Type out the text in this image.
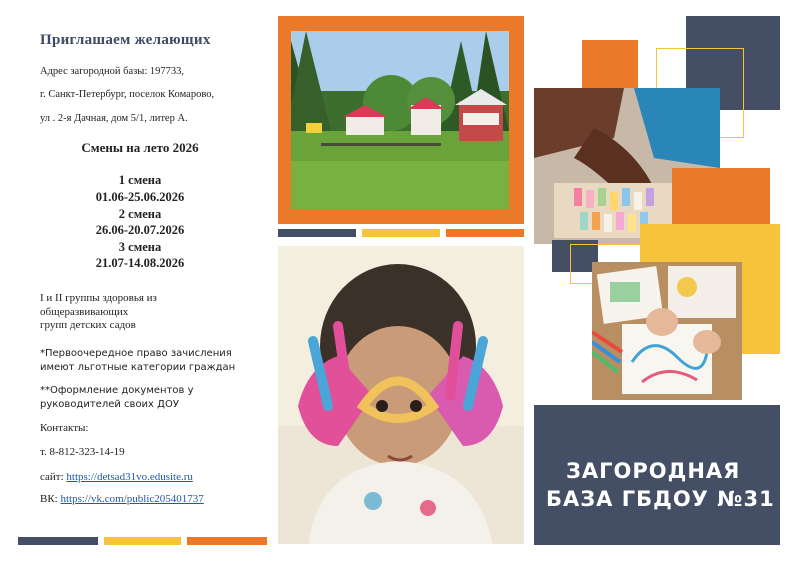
Приглашаем желающих
Адрес загородной базы: 197733,
г. Санкт-Петербург, поселок Комарово,
ул . 2-я Дачная, дом 5/1, литер А.
Смены на лето 2026
1 смена
01.06-25.06.2026
2 смена
26.06-20.07.2026
3 смена
21.07-14.08.2026
I и II группы здоровья из
общеразвивающих
групп детских садов
*Первоочередное право зачисления
имеют льготные категории граждан
**Оформление документов у
руководителей своих ДОУ
Контакты:
т. 8-812-323-14-19
сайт: https://detsad31vo.edusite.ru
ВК: https://vk.com/public205401737
ЗАГОРОДНАЯ
БАЗА ГБДОУ №31
